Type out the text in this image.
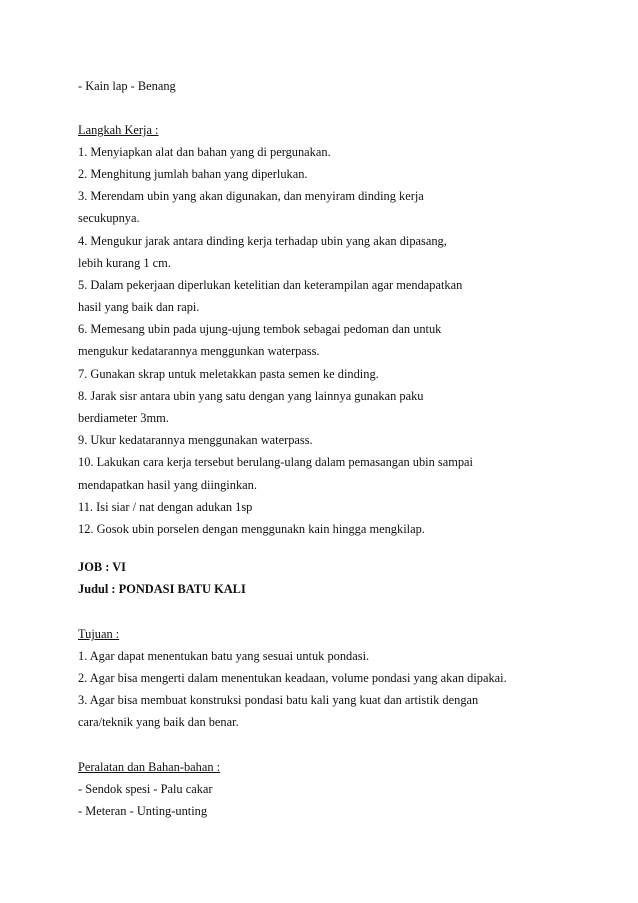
- Kain lap - Benang

Langkah Kerja :

1. Menyiapkan alat dan bahan yang di pergunakan.

2. Menghitung jumlah bahan yang diperlukan.

3. Merendam ubin yang akan digunakan, dan menyiram dinding kerja

secukupnya.

4. Mengukur jarak antara dinding kerja terhadap ubin yang akan dipasang,

lebih kurang 1 cm.

5. Dalam pekerjaan diperlukan ketelitian dan keterampilan agar mendapatkan

hasil yang baik dan rapi.

6. Memesang ubin pada ujung-ujung tembok sebagai pedoman dan untuk

mengukur kedatarannya menggunkan waterpass.

7. Gunakan skrap untuk meletakkan pasta semen ke dinding.

8. Jarak sisr antara ubin yang satu dengan yang lainnya gunakan paku

berdiameter 3mm.

9. Ukur kedatarannya menggunakan waterpass.

10. Lakukan cara kerja tersebut berulang-ulang dalam pemasangan ubin sampai

mendapatkan hasil yang diinginkan.

11. Isi siar / nat dengan adukan 1sp

12. Gosok ubin porselen dengan menggunakn kain hingga mengkilap.

JOB : VI

Judul : PONDASI BATU KALI

Tujuan :

1. Agar dapat menentukan batu yang sesuai untuk pondasi.

2. Agar bisa mengerti dalam menentukan keadaan, volume pondasi yang akan dipakai.

3. Agar bisa membuat konstruksi pondasi batu kali yang kuat dan artistik dengan

cara/teknik yang baik dan benar.

Peralatan dan Bahan-bahan :

- Sendok spesi - Palu cakar

- Meteran - Unting-unting
